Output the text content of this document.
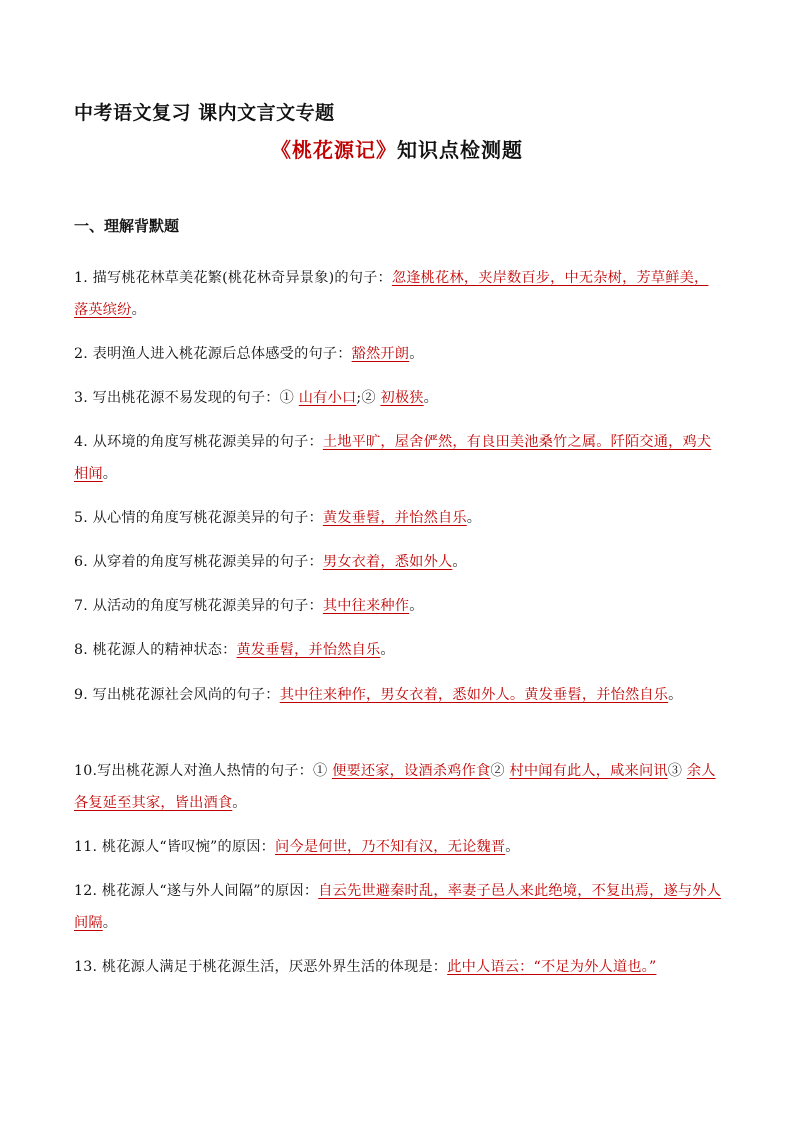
中考语文复习 课内文言文专题
《桃花源记》知识点检测题
一、理解背默题
1. 描写桃花林草美花繁(桃花林奇异景象)的句子：忽逢桃花林，夹岸数百步，中无杂树，芳草鲜美，落英缤纷。
2. 表明渔人进入桃花源后总体感受的句子：豁然开朗。
3. 写出桃花源不易发现的句子：① 山有小口;② 初极狭。
4. 从环境的角度写桃花源美异的句子：土地平旷，屋舍俨然，有良田美池桑竹之属。阡陌交通，鸡犬相闻。
5. 从心情的角度写桃花源美异的句子：黄发垂髫，并怡然自乐。
6. 从穿着的角度写桃花源美异的句子：男女衣着，悉如外人。
7. 从活动的角度写桃花源美异的句子：其中往来种作。
8. 桃花源人的精神状态：黄发垂髫，并怡然自乐。
9. 写出桃花源社会风尚的句子：其中往来种作，男女衣着，悉如外人。黄发垂髫，并怡然自乐。
10.写出桃花源人对渔人热情的句子：① 便要还家，设酒杀鸡作食② 村中闻有此人，咸来问讯③ 余人各复延至其家，皆出酒食。
11. 桃花源人“皆叹惋”的原因：问今是何世，乃不知有汉，无论魏晋。
12. 桃花源人“遂与外人间隔”的原因：自云先世避秦时乱，率妻子邑人来此绝境，不复出焉，遂与外人间隔。
13. 桃花源人满足于桃花源生活，厌恶外界生活的体现是：此中人语云：“不足为外人道也。”
